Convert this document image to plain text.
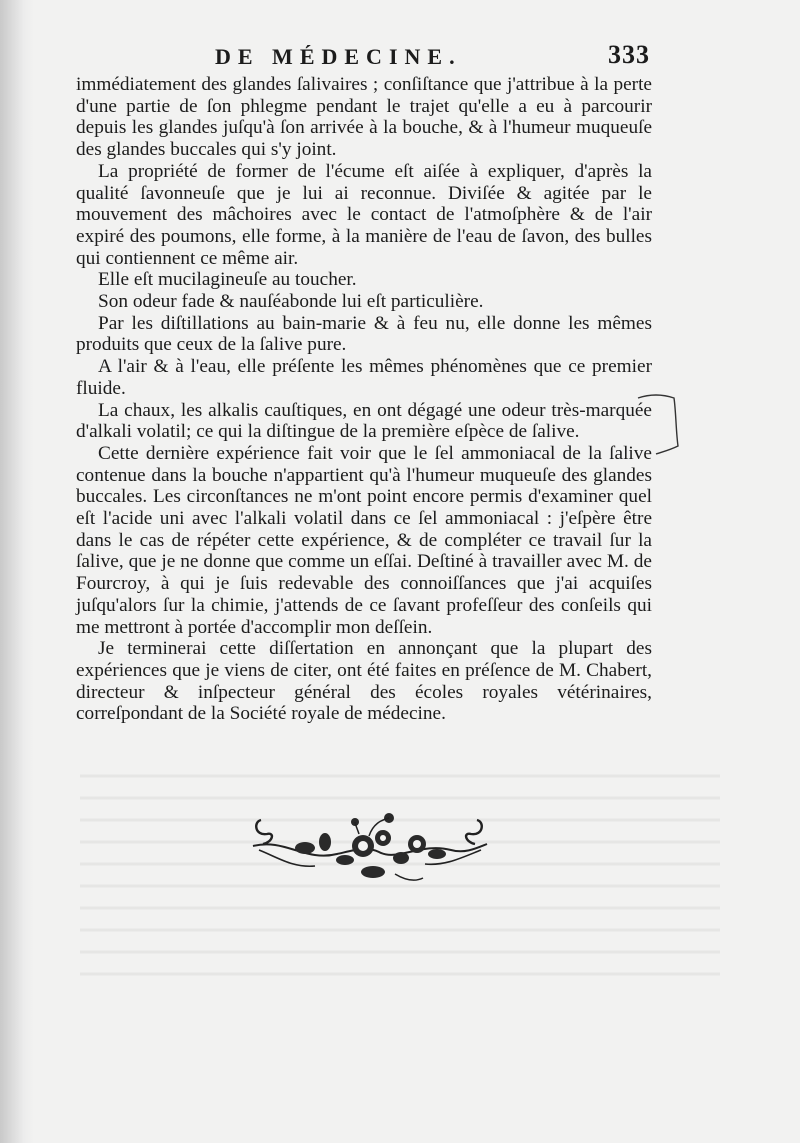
DE MÉDECINE.	333

immédiatement des glandes ſalivaires ; conſiſtance que j'attribue à la perte d'une partie de ſon phlegme pendant le trajet qu'elle a eu à parcourir depuis les glandes juſqu'à ſon arrivée à la bouche, & à l'humeur muqueuſe des glandes buccales qui s'y joint.

La propriété de former de l'écume eſt aiſée à expliquer, d'après la qualité ſavonneuſe que je lui ai reconnue. Diviſée & agitée par le mouvement des mâchoires avec le contact de l'atmoſphère & de l'air expiré des poumons, elle forme, à la manière de l'eau de ſavon, des bulles qui contiennent ce même air.

Elle eſt mucilagineuſe au toucher.

Son odeur fade & nauſéabonde lui eſt particulière.

Par les diſtillations au bain-marie & à feu nu, elle donne les mêmes produits que ceux de la ſalive pure.

A l'air & à l'eau, elle préſente les mêmes phénomènes que ce premier fluide.

La chaux, les alkalis cauſtiques, en ont dégagé une odeur très-marquée d'alkali volatil; ce qui la diſtingue de la première eſpèce de ſalive.

Cette dernière expérience fait voir que le ſel ammoniacal de la ſalive contenue dans la bouche n'appartient qu'à l'humeur muqueuſe des glandes buccales. Les circonſtances ne m'ont point encore permis d'examiner quel eſt l'acide uni avec l'alkali volatil dans ce ſel ammoniacal : j'eſpère être dans le cas de répéter cette expérience, & de compléter ce travail ſur la ſalive, que je ne donne que comme un eſſai. Deſtiné à travailler avec M. de Fourcroy, à qui je ſuis redevable des connoiſſances que j'ai acquiſes juſqu'alors ſur la chimie, j'attends de ce ſavant profeſſeur des conſeils qui me mettront à portée d'accomplir mon deſſein.

Je terminerai cette diſſertation en annonçant que la plupart des expériences que je viens de citer, ont été faites en préſence de M. Chabert, directeur & inſpecteur général des écoles royales vétérinaires, correſpondant de la Société royale de médecine.
